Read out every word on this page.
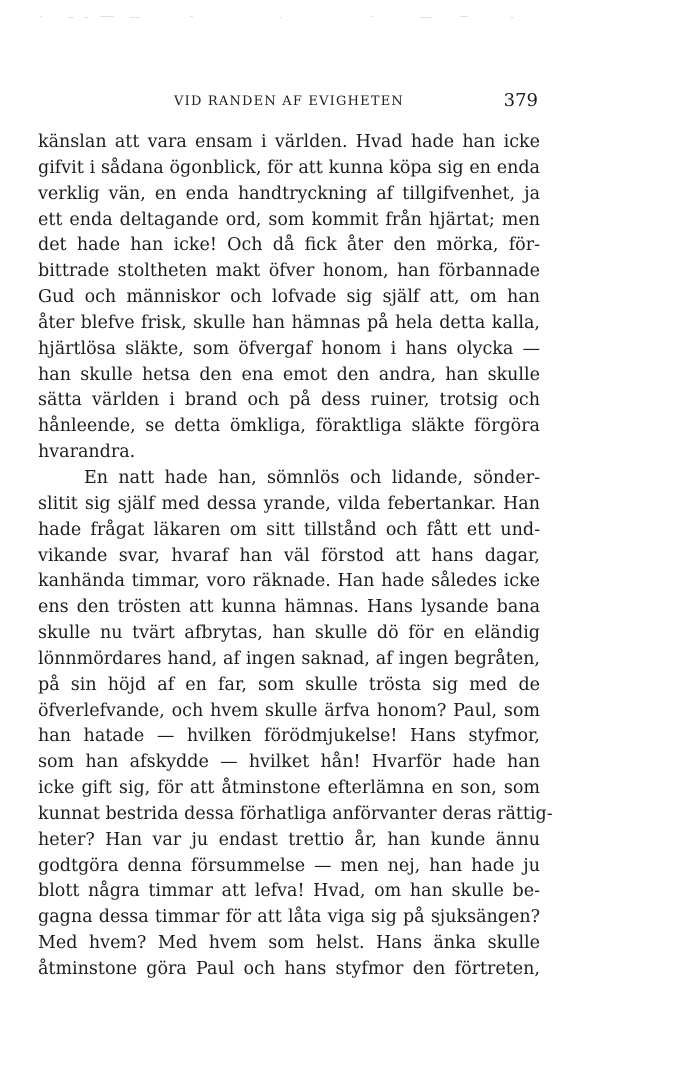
VID RANDEN AF EVIGHETEN	379
känslan att vara ensam i världen. Hvad hade han icke
gifvit i sådana ögonblick, för att kunna köpa sig en enda
verklig vän, en enda handtryckning af tillgifvenhet, ja
ett enda deltagande ord, som kommit från hjärtat; men
det hade han icke! Och då fick åter den mörka, för-
bittrade stoltheten makt öfver honom, han förbannade
Gud och människor och lofvade sig själf att, om han
åter blefve frisk, skulle han hämnas på hela detta kalla,
hjärtlösa släkte, som öfvergaf honom i hans olycka —
han skulle hetsa den ena emot den andra, han skulle
sätta världen i brand och på dess ruiner, trotsig och
hånleende, se detta ömkliga, föraktliga släkte förgöra
hvarandra.
En natt hade han, sömnlös och lidande, sönder-
slitit sig själf med dessa yrande, vilda febertankar. Han
hade frågat läkaren om sitt tillstånd och fått ett und-
vikande svar, hvaraf han väl förstod att hans dagar,
kanhända timmar, voro räknade. Han hade således icke
ens den trösten att kunna hämnas. Hans lysande bana
skulle nu tvärt afbrytas, han skulle dö för en eländig
lönnmördares hand, af ingen saknad, af ingen begråten,
på sin höjd af en far, som skulle trösta sig med de
öfverlefvande, och hvem skulle ärfva honom? Paul, som
han hatade — hvilken förödmjukelse! Hans styfmor,
som han afskydde — hvilket hån! Hvarför hade han
icke gift sig, för att åtminstone efterlämna en son, som
kunnat bestrida dessa förhatliga anförvanter deras rättig-
heter? Han var ju endast trettio år, han kunde ännu
godtgöra denna försummelse — men nej, han hade ju
blott några timmar att lefva! Hvad, om han skulle be-
gagna dessa timmar för att låta viga sig på sjuksängen?
Med hvem? Med hvem som helst. Hans änka skulle
åtminstone göra Paul och hans styfmor den förtreten,
